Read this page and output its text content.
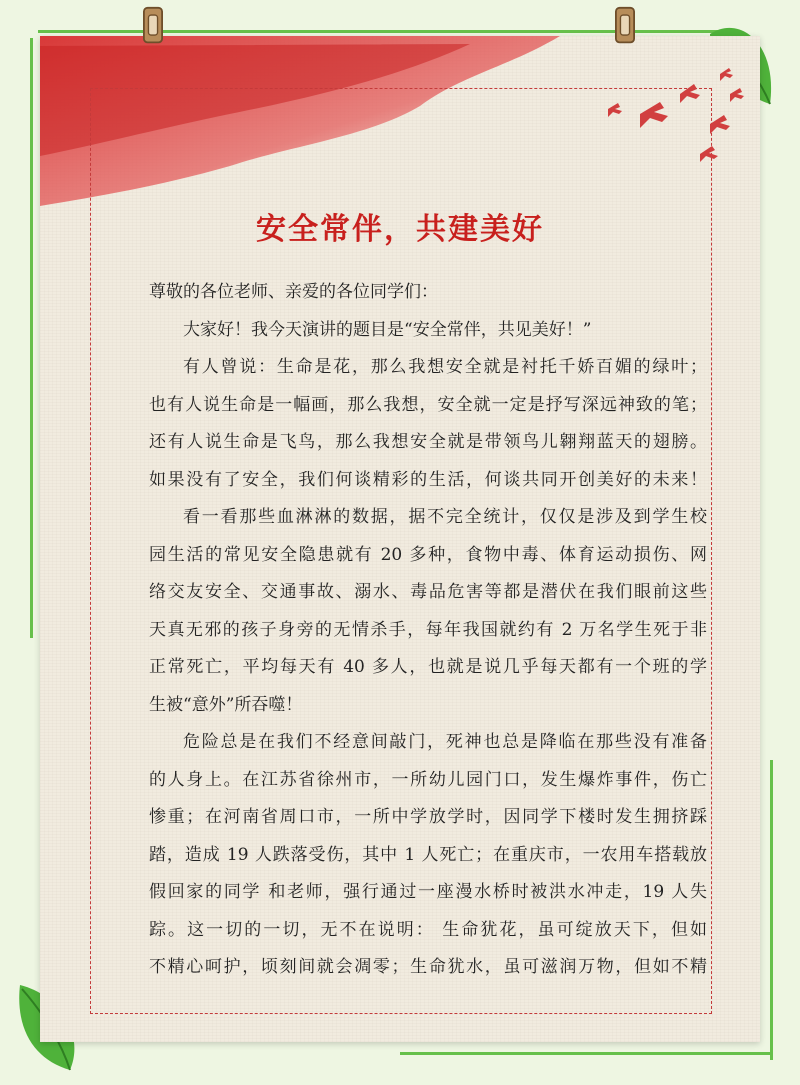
安全常伴，共建美好
尊敬的各位老师、亲爱的各位同学们：
大家好！我今天演讲的题目是“安全常伴，共见美好！”
有人曾说：生命是花，那么我想安全就是衬托千娇百媚的绿叶；
也有人说生命是一幅画，那么我想，安全就一定是抒写深远神致的笔；
还有人说生命是飞鸟，那么我想安全就是带领鸟儿翱翔蓝天的翅膀。
如果没有了安全，我们何谈精彩的生活，何谈共同开创美好的未来！
看一看那些血淋淋的数据，据不完全统计，仅仅是涉及到学生校
园生活的常见安全隐患就有 20 多种，食物中毒、体育运动损伤、网
络交友安全、交通事故、溺水、毒品危害等都是潜伏在我们眼前这些
天真无邪的孩子身旁的无情杀手，每年我国就约有 2 万名学生死于非
正常死亡，平均每天有 40 多人，也就是说几乎每天都有一个班的学
生被“意外”所吞噬！
危险总是在我们不经意间敲门，死神也总是降临在那些没有准备
的人身上。在江苏省徐州市，一所幼儿园门口，发生爆炸事件，伤亡
惨重；在河南省周口市，一所中学放学时，因同学下楼时发生拥挤踩
踏，造成 19 人跌落受伤，其中 1 人死亡；在重庆市，一农用车搭载放
假回家的同学 和老师，强行通过一座漫水桥时被洪水冲走，19 人失
踪。这一切的一切，无不在说明： 生命犹花，虽可绽放天下，但如
不精心呵护，顷刻间就会凋零；生命犹水，虽可滋润万物，但如不精
